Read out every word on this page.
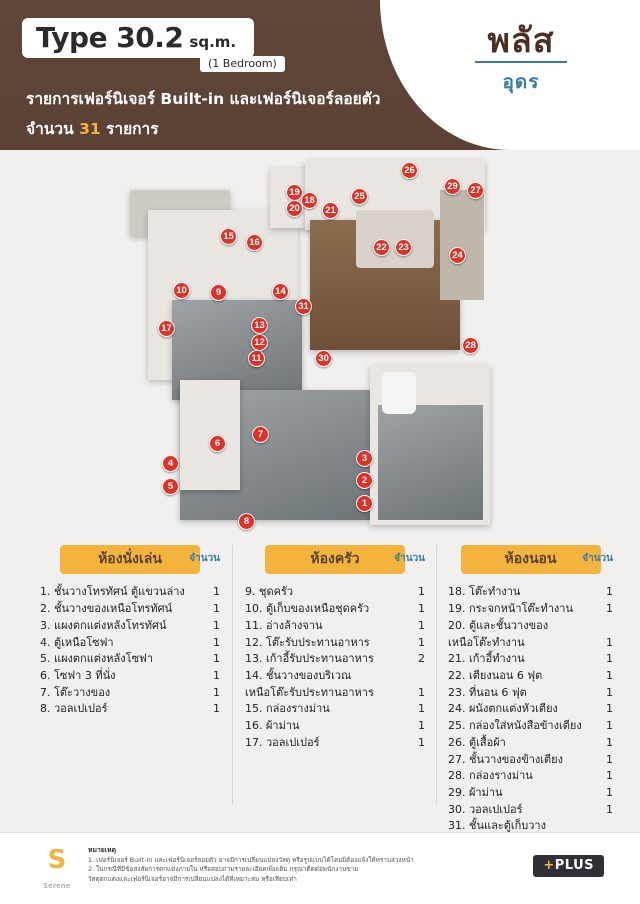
Type 30.2 sq.m.
(1 Bedroom)
รายการเฟอร์นิเจอร์ Built-in และเฟอร์นิเจอร์ลอยตัว
จำนวน 31 รายการ
พลัส
อุดร
1
2
3
4
5
6
7
8
9
10
11
12
13
14
15
16
17
18
19
20	21
22	23
24
25
26
27
28
29
30
31
ห้องนั่งเล่น	จำนวน
1. ชั้นวางโทรทัศน์ ตู้แขวนล่าง	1
2. ชั้นวางของเหนือโทรทัศน์	1
3. แผงตกแต่งหลังโทรทัศน์	1
4. ตู้เหนือโซฟา	1
5. แผงตกแต่งหลังโซฟา	1
6. โซฟา 3 ที่นั่ง	1
7. โต๊ะวางของ	1
8. วอลเปเปอร์	1
ห้องครัว	จำนวน
9. ชุดครัว	1
10. ตู้เก็บของเหนือชุดครัว	1
11. อ่างล้างจาน	1
12. โต๊ะรับประทานอาหาร	1
13. เก้าอี้รับประทานอาหาร	2
14. ชั้นวางของบริเวณ
เหนือโต๊ะรับประทานอาหาร	1
15. กล่องรางม่าน	1
16. ผ้าม่าน	1
17. วอลเปเปอร์	1
ห้องนอน	จำนวน
18. โต๊ะทำงาน	1
19. กระจกหน้าโต๊ะทำงาน	1
20. ตู้และชั้นวางของ
เหนือโต๊ะทำงาน	1
21. เก้าอี้ทำงาน	1
22. เตียงนอน 6 ฟุต	1
23. ที่นอน 6 ฟุต	1
24. ผนังตกแต่งหัวเตียง	1
25. กล่องใส่หนังสือข้างเตียง	1
26. ตู้เสื้อผ้า	1
27. ชั้นวางของข้างเตียง	1
28. กล่องรางม่าน	1
29. ผ้าม่าน	1
30. วอลเปเปอร์	1
31. ชั้นและตู้เก็บวาง
S
Serene
หมายเหตุ
1. เฟอร์นิเจอร์ Built-in และเฟอร์นิเจอร์ลอยตัว อาจมีการเปลี่ยนแปลงวัสดุ หรือรูปแบบได้โดยมิต้องแจ้งให้ทราบล่วงหน้า
2. ในกรณีที่มีข้อสงสัยการตกแต่งภายใน หรือสอบถามรายละเอียดเพิ่มเติม กรุณาติดต่อพนักงานขาย
วัสดุตกแต่งและเฟอร์นิเจอร์อาจมีการเปลี่ยนแปลงได้ที่เหมาะสม หรือเทียบเท่า
+PLUS
